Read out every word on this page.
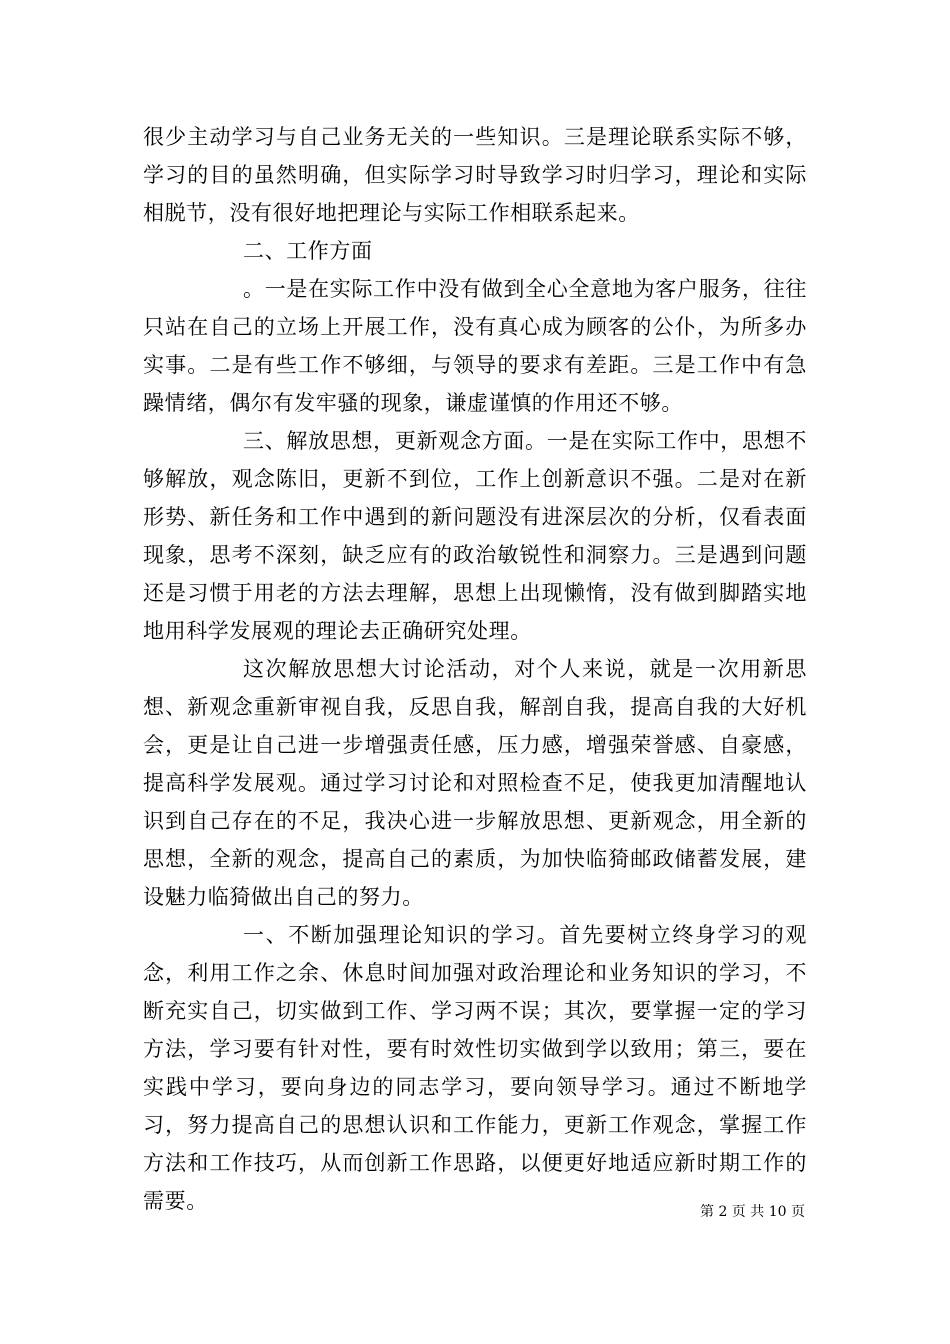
很少主动学习与自己业务无关的一些知识。三是理论联系实际不够，学习的目的虽然明确，但实际学习时导致学习时归学习，理论和实际相脱节，没有很好地把理论与实际工作相联系起来。

二、工作方面

。一是在实际工作中没有做到全心全意地为客户服务，往往只站在自己的立场上开展工作，没有真心成为顾客的公仆，为所多办实事。二是有些工作不够细，与领导的要求有差距。三是工作中有急躁情绪，偶尔有发牢骚的现象，谦虚谨慎的作用还不够。

三、解放思想，更新观念方面。一是在实际工作中，思想不够解放，观念陈旧，更新不到位，工作上创新意识不强。二是对在新形势、新任务和工作中遇到的新问题没有进深层次的分析，仅看表面现象，思考不深刻，缺乏应有的政治敏锐性和洞察力。三是遇到问题还是习惯于用老的方法去理解，思想上出现懒惰，没有做到脚踏实地地用科学发展观的理论去正确研究处理。

这次解放思想大讨论活动，对个人来说，就是一次用新思想、新观念重新审视自我，反思自我，解剖自我，提高自我的大好机会，更是让自己进一步增强责任感，压力感，增强荣誉感、自豪感，提高科学发展观。通过学习讨论和对照检查不足，使我更加清醒地认识到自己存在的不足，我决心进一步解放思想、更新观念，用全新的思想，全新的观念，提高自己的素质，为加快临猗邮政储蓄发展，建设魅力临猗做出自己的努力。

一、不断加强理论知识的学习。首先要树立终身学习的观念，利用工作之余、休息时间加强对政治理论和业务知识的学习，不断充实自己，切实做到工作、学习两不误；其次，要掌握一定的学习方法，学习要有针对性，要有时效性切实做到学以致用；第三，要在实践中学习，要向身边的同志学习，要向领导学习。通过不断地学习，努力提高自己的思想认识和工作能力，更新工作观念，掌握工作方法和工作技巧，从而创新工作思路，以便更好地适应新时期工作的需要。	第 2 页 共 10 页
